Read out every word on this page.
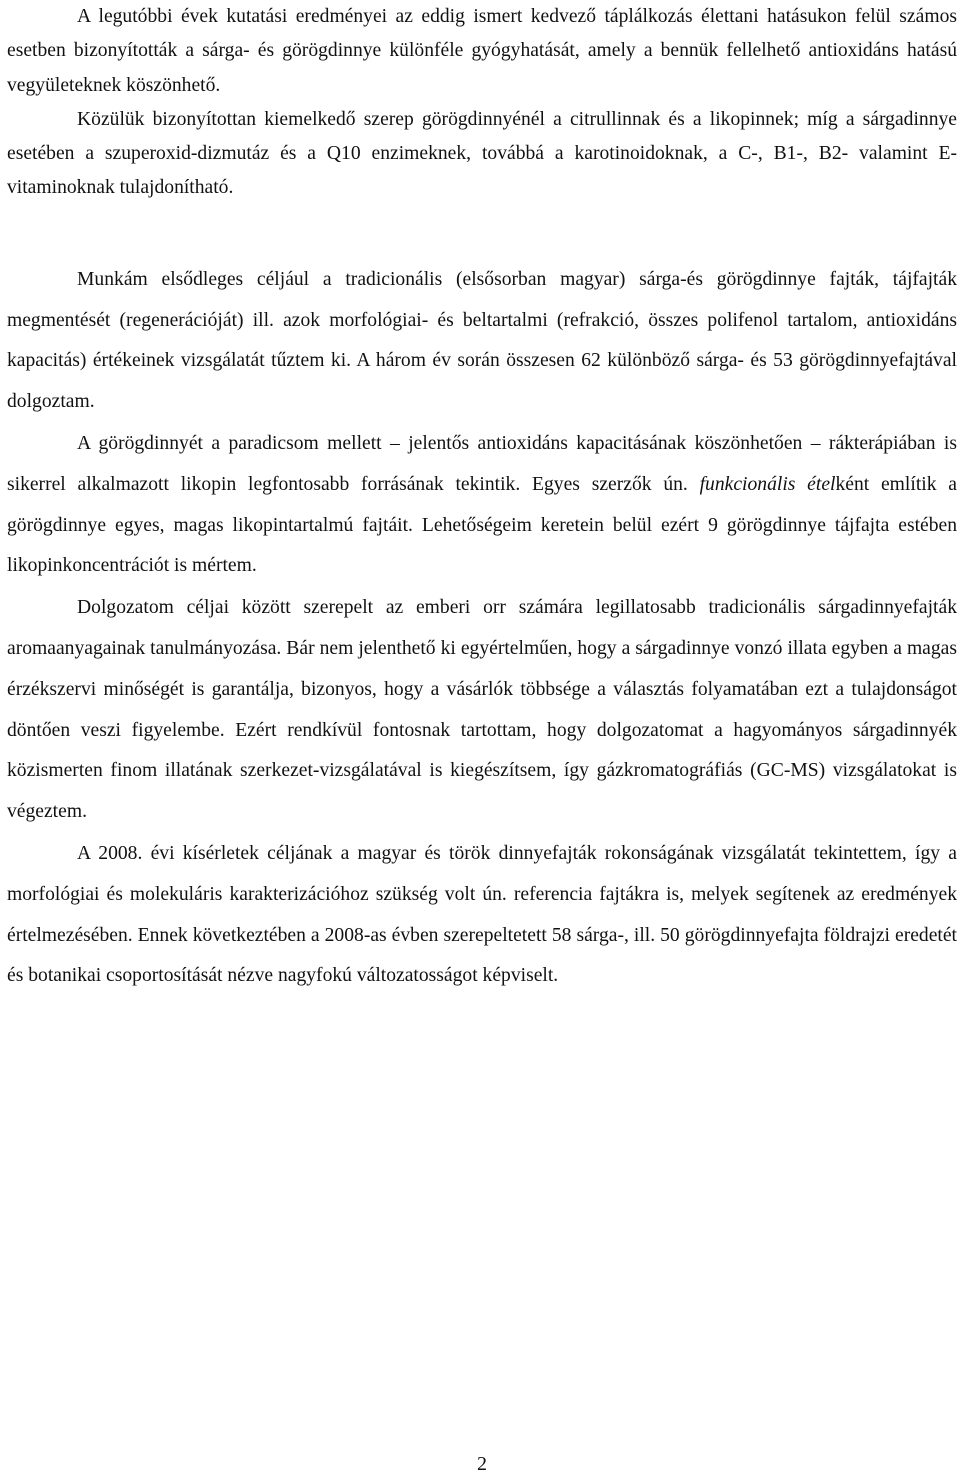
A legutóbbi évek kutatási eredményei az eddig ismert kedvező táplálkozás élettani hatásukon felül számos esetben bizonyították a sárga- és görögdinnye különféle gyógyhatását, amely a bennük fellelhető antioxidáns hatású vegyületeknek köszönhető.
Közülük bizonyítottan kiemelkedő szerep görögdinnyénél a citrullinnak és a likopinnek; míg a sárgadinnye esetében a szuperoxid-dizmutáz és a Q10 enzimeknek, továbbá a karotinoidoknak, a C-, B1-, B2- valamint E-vitaminoknak tulajdonítható.

Munkám elsődleges céljául a tradicionális (elsősorban magyar) sárga-és görögdinnye fajták, tájfajták megmentését (regenerációját) ill. azok morfológiai- és beltartalmi (refrakció, összes polifenol tartalom, antioxidáns kapacitás) értékeinek vizsgálatát tűztem ki. A három év során összesen 62 különböző sárga- és 53 görögdinnyefajtával dolgoztam.

A görögdinnyét a paradicsom mellett – jelentős antioxidáns kapacitásának köszönhetően – rákterápiában is sikerrel alkalmazott likopin legfontosabb forrásának tekintik. Egyes szerzők ún. funkcionális ételként említik a görögdinnye egyes, magas likopintartalmú fajtáit. Lehetőségeim keretein belül ezért 9 görögdinnye tájfajta estében likopinkoncentrációt is mértem.

Dolgozatom céljai között szerepelt az emberi orr számára legillatosabb tradicionális sárgadinnyefajták aromaanyagainak tanulmányozása. Bár nem jelenthető ki egyértelműen, hogy a sárgadinnye vonzó illata egyben a magas érzékszervi minőségét is garantálja, bizonyos, hogy a vásárlók többsége a választás folyamatában ezt a tulajdonságot döntően veszi figyelembe. Ezért rendkívül fontosnak tartottam, hogy dolgozatomat a hagyományos sárgadinnyék közismerten finom illatának szerkezet-vizsgálatával is kiegészítsem, így gázkromatográfiás (GC-MS) vizsgálatokat is végeztem.

A 2008. évi kísérletek céljának a magyar és török dinnyefajták rokonságának vizsgálatát tekintettem, így a morfológiai és molekuláris karakterizációhoz szükség volt ún. referencia fajtákra is, melyek segítenek az eredmények értelmezésében. Ennek következtében a 2008-as évben szerepeltetett 58 sárga-, ill. 50 görögdinnyefajta földrajzi eredetét és botanikai csoportosítását nézve nagyfokú változatosságot képviselt.

2
